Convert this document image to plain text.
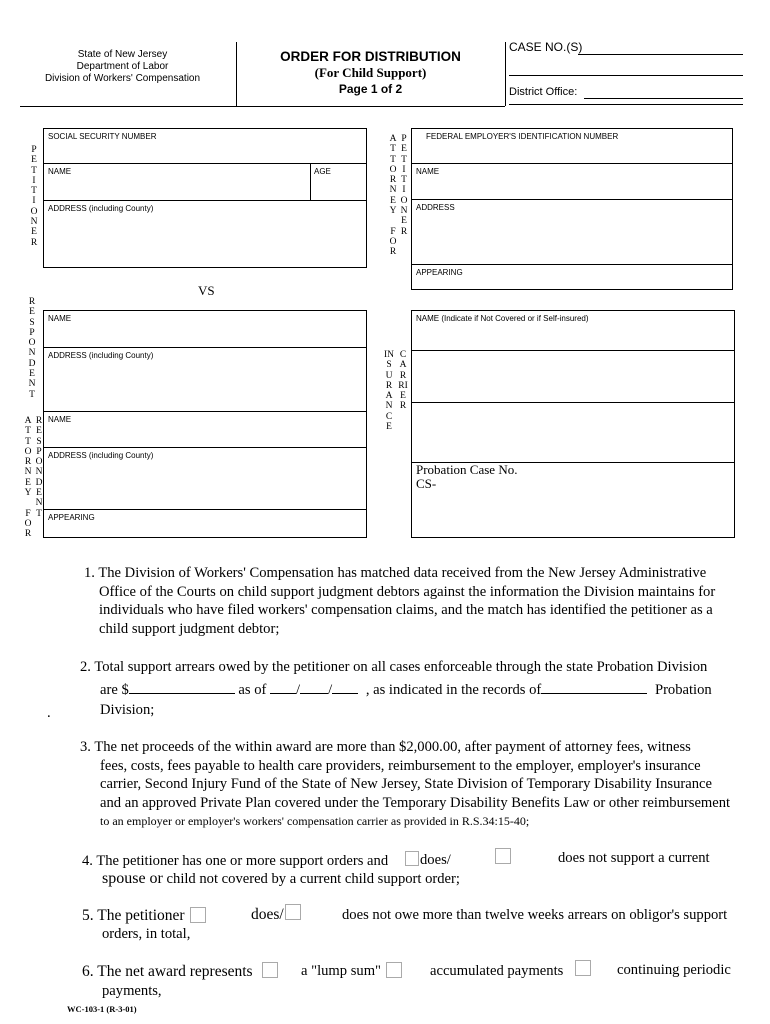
State of New Jersey
Department of Labor
Division of Workers' Compensation
ORDER FOR DISTRIBUTION
(For Child Support)
Page 1 of 2
CASE NO.(S)
District Office:
P
E
T
I
T
I
O
N
E
R
SOCIAL SECURITY NUMBER
NAME	AGE
ADDRESS (including County)
A
T
T
O
R
N
E
Y

F
O
R
P
E
T
I
T
I
O
N
E
R
FEDERAL EMPLOYER'S IDENTIFICATION NUMBER
NAME
ADDRESS
APPEARING
VS
R
E
S
P
O
N
D
E
N
T
NAME
ADDRESS (including County)
A
T
T
O
R
N
E
Y

F
O
R
R
E
S
P
O
N
D
E
N
T
NAME
ADDRESS (including County)
APPEARING
IN
S
U
R
A
N
C
E
C
A
R
RI
E
R
NAME (Indicate if Not Covered or if Self-insured)
Probation Case No.
CS-
1. The Division of Workers' Compensation has matched data received from the New Jersey Administrative
Office of the Courts on child support judgment debtors against the information the Division maintains for
individuals who have filed workers' compensation claims, and the match has identified the petitioner as a
child support judgment debtor;
2. Total support arrears owed by the petitioner on all cases enforceable through the state Probation Division
are $	as of / / , as indicated in the records of	Probation
Division;
.
3. The net proceeds of the within award are more than $2,000.00, after payment of attorney fees, witness
fees, costs, fees payable to health care providers, reimbursement to the employer, employer's insurance
carrier, Second Injury Fund of the State of New Jersey, State Division of Temporary Disability Insurance
and an approved Private Plan covered under the Temporary Disability Benefits Law or other reimbursement
to an employer or employer's workers' compensation carrier as provided in R.S.34:15-40;
4. The petitioner has one or more support orders and does/	does not support a current
spouse or child not covered by a current child support order;
5. The petitioner	does/	does not owe more than twelve weeks arrears on obligor's support
orders, in total,
6. The net award represents	a "lump sum"	accumulated payments	continuing periodic
payments,
WC-103-1 (R-3-01)
